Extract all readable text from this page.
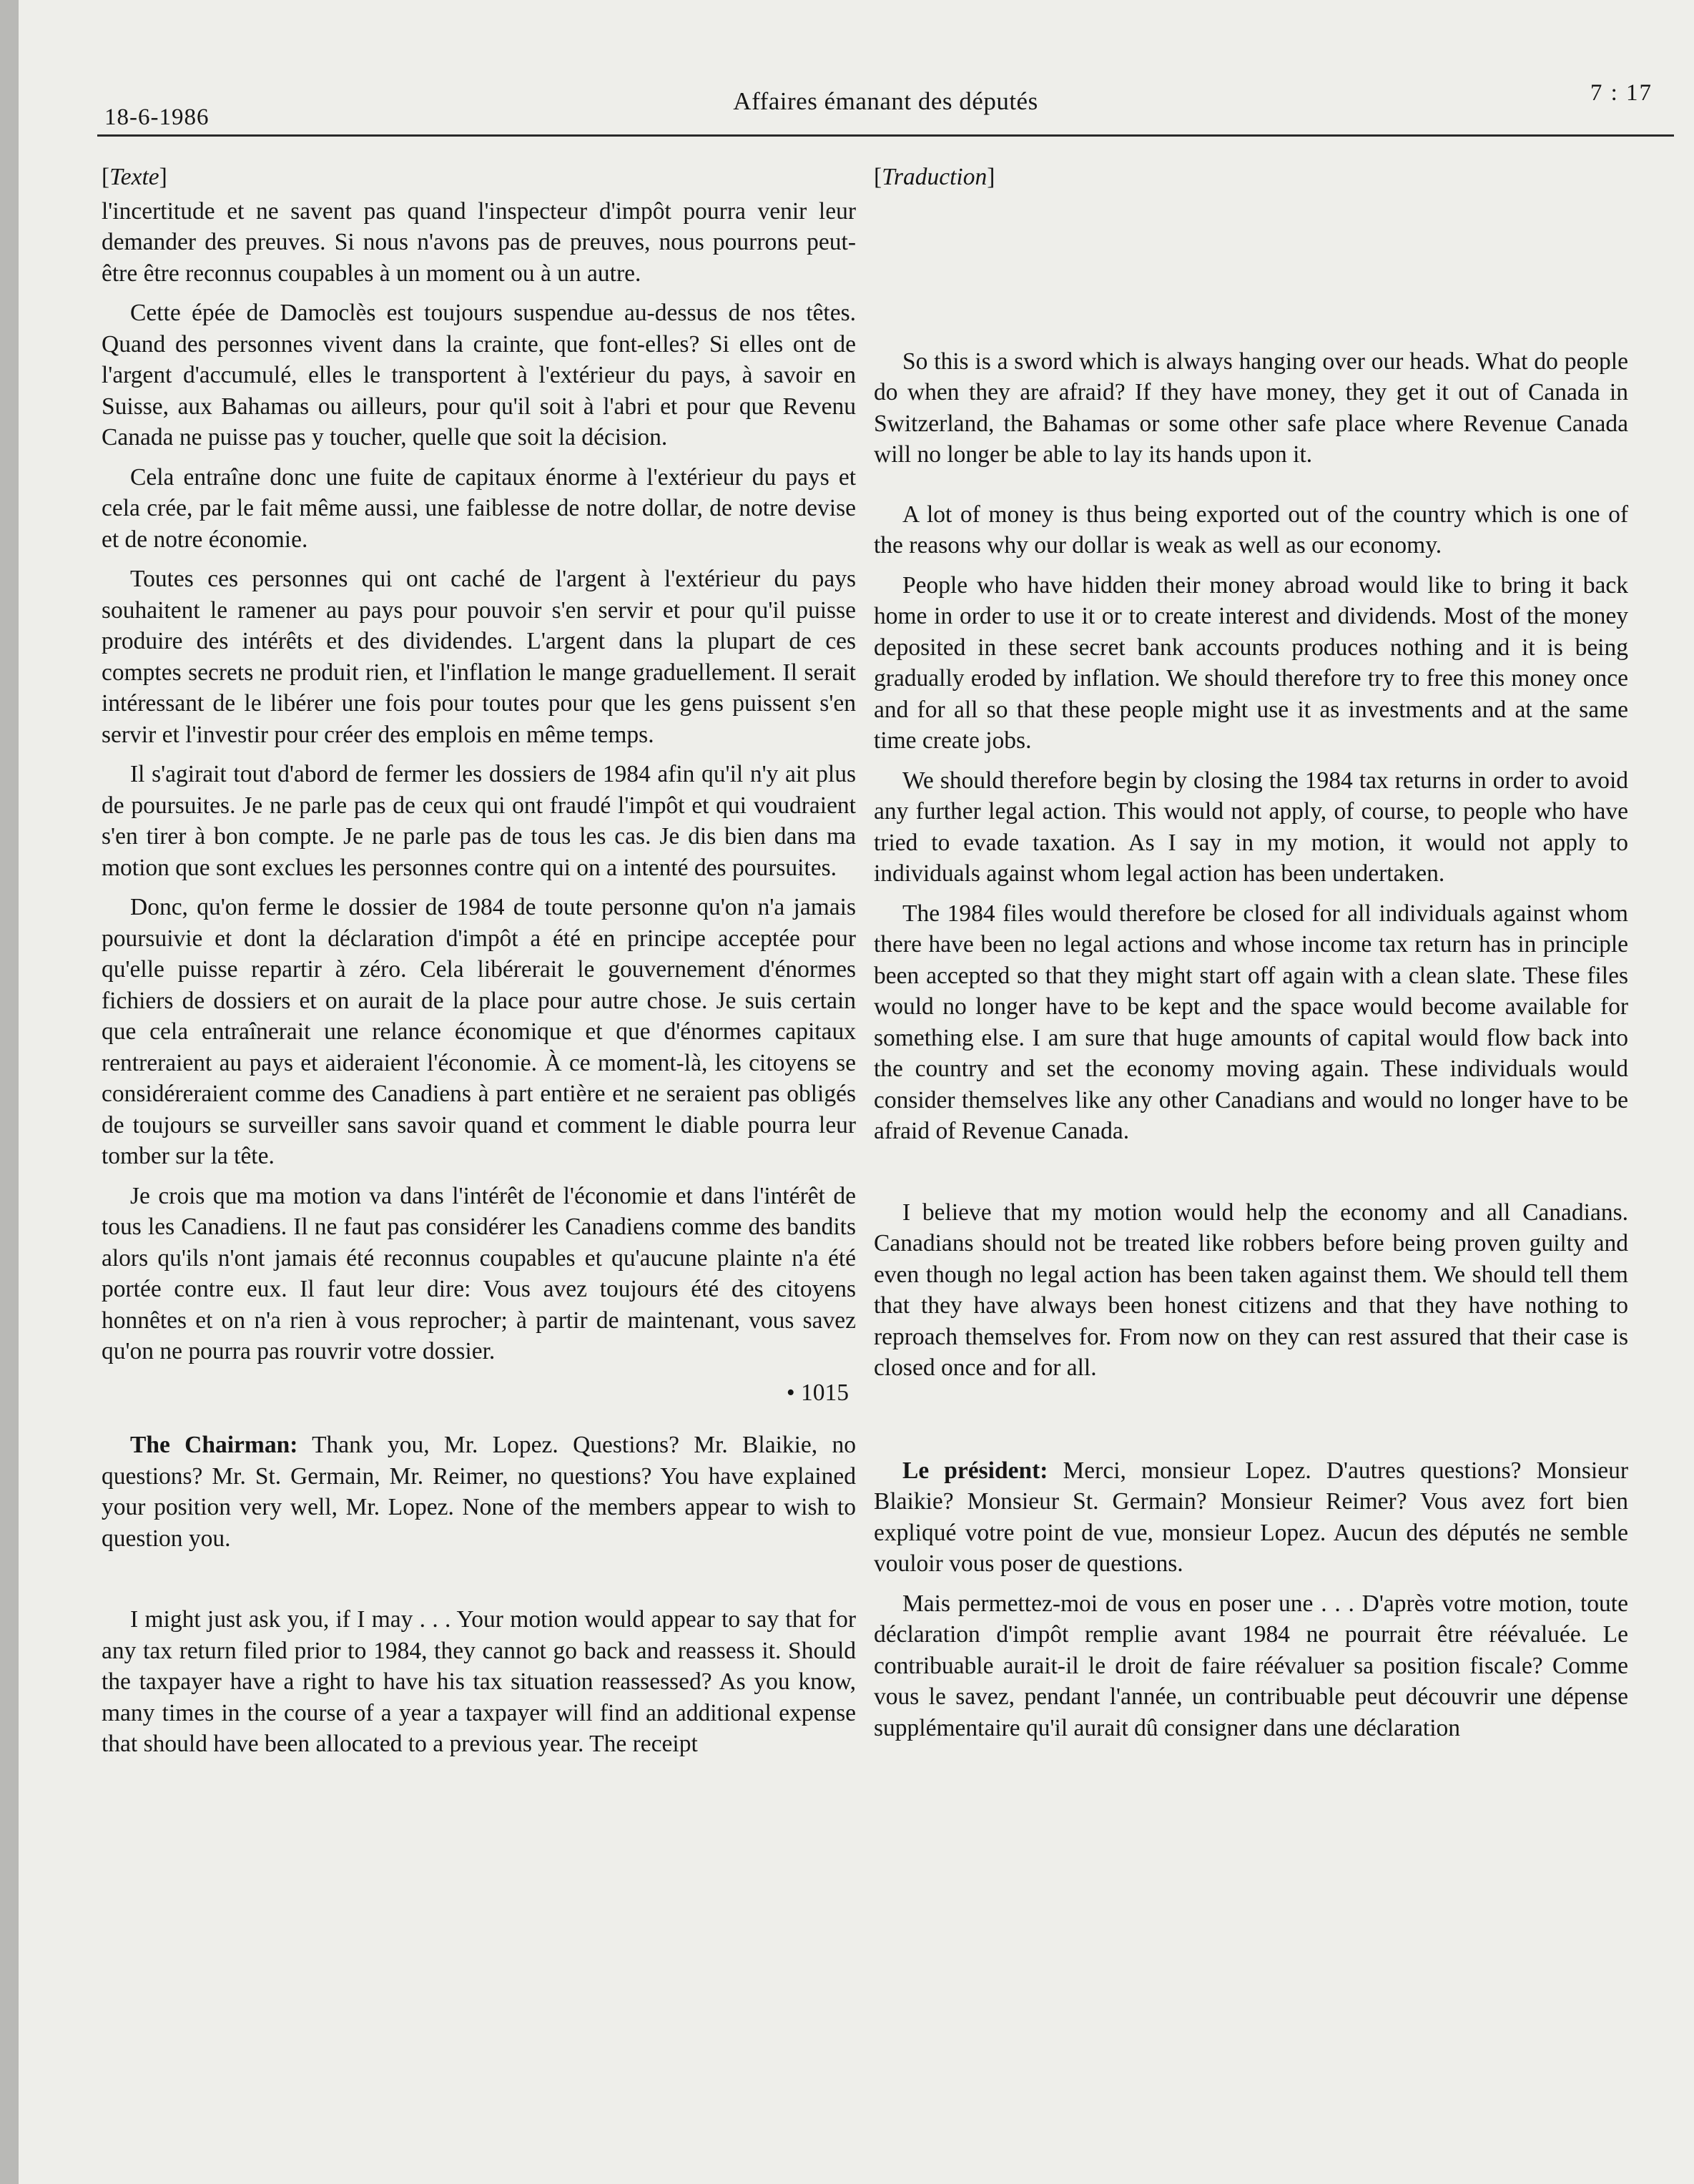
18-6-1986
Affaires émanant des députés	7 : 17
[Texte]

l'incertitude et ne savent pas quand l'inspecteur d'impôt pourra venir leur demander des preuves. Si nous n'avons pas de preuves, nous pourrons peut-être être reconnus coupables à un moment ou à un autre.

Cette épée de Damoclès est toujours suspendue au-dessus de nos têtes. Quand des personnes vivent dans la crainte, que font-elles? Si elles ont de l'argent d'accumulé, elles le transportent à l'extérieur du pays, à savoir en Suisse, aux Bahamas ou ailleurs, pour qu'il soit à l'abri et pour que Revenu Canada ne puisse pas y toucher, quelle que soit la décision.

Cela entraîne donc une fuite de capitaux énorme à l'extérieur du pays et cela crée, par le fait même aussi, une faiblesse de notre dollar, de notre devise et de notre économie.

Toutes ces personnes qui ont caché de l'argent à l'extérieur du pays souhaitent le ramener au pays pour pouvoir s'en servir et pour qu'il puisse produire des intérêts et des dividendes. L'argent dans la plupart de ces comptes secrets ne produit rien, et l'inflation le mange graduellement. Il serait intéressant de le libérer une fois pour toutes pour que les gens puissent s'en servir et l'investir pour créer des emplois en même temps.

Il s'agirait tout d'abord de fermer les dossiers de 1984 afin qu'il n'y ait plus de poursuites. Je ne parle pas de ceux qui ont fraudé l'impôt et qui voudraient s'en tirer à bon compte. Je ne parle pas de tous les cas. Je dis bien dans ma motion que sont exclues les personnes contre qui on a intenté des poursuites.

Donc, qu'on ferme le dossier de 1984 de toute personne qu'on n'a jamais poursuivie et dont la déclaration d'impôt a été en principe acceptée pour qu'elle puisse repartir à zéro. Cela libérerait le gouvernement d'énormes fichiers de dossiers et on aurait de la place pour autre chose. Je suis certain que cela entraînerait une relance économique et que d'énormes capitaux rentreraient au pays et aideraient l'économie. À ce moment-là, les citoyens se considéreraient comme des Canadiens à part entière et ne seraient pas obligés de toujours se surveiller sans savoir quand et comment le diable pourra leur tomber sur la tête.

Je crois que ma motion va dans l'intérêt de l'économie et dans l'intérêt de tous les Canadiens. Il ne faut pas considérer les Canadiens comme des bandits alors qu'ils n'ont jamais été reconnus coupables et qu'aucune plainte n'a été portée contre eux. Il faut leur dire: Vous avez toujours été des citoyens honnêtes et on n'a rien à vous reprocher; à partir de maintenant, vous savez qu'on ne pourra pas rouvrir votre dossier.

• 1015

The Chairman: Thank you, Mr. Lopez. Questions? Mr. Blaikie, no questions? Mr. St. Germain, Mr. Reimer, no questions? You have explained your position very well, Mr. Lopez. None of the members appear to wish to question you.

I might just ask you, if I may . . . Your motion would appear to say that for any tax return filed prior to 1984, they cannot go back and reassess it. Should the taxpayer have a right to have his tax situation reassessed? As you know, many times in the course of a year a taxpayer will find an additional expense that should have been allocated to a previous year. The receipt

[Traduction]

So this is a sword which is always hanging over our heads. What do people do when they are afraid? If they have money, they get it out of Canada in Switzerland, the Bahamas or some other safe place where Revenue Canada will no longer be able to lay its hands upon it.

A lot of money is thus being exported out of the country which is one of the reasons why our dollar is weak as well as our economy.

People who have hidden their money abroad would like to bring it back home in order to use it or to create interest and dividends. Most of the money deposited in these secret bank accounts produces nothing and it is being gradually eroded by inflation. We should therefore try to free this money once and for all so that these people might use it as investments and at the same time create jobs.

We should therefore begin by closing the 1984 tax returns in order to avoid any further legal action. This would not apply, of course, to people who have tried to evade taxation. As I say in my motion, it would not apply to individuals against whom legal action has been undertaken.

The 1984 files would therefore be closed for all individuals against whom there have been no legal actions and whose income tax return has in principle been accepted so that they might start off again with a clean slate. These files would no longer have to be kept and the space would become available for something else. I am sure that huge amounts of capital would flow back into the country and set the economy moving again. These individuals would consider themselves like any other Canadians and would no longer have to be afraid of Revenue Canada.

I believe that my motion would help the economy and all Canadians. Canadians should not be treated like robbers before being proven guilty and even though no legal action has been taken against them. We should tell them that they have always been honest citizens and that they have nothing to reproach themselves for. From now on they can rest assured that their case is closed once and for all.

Le président: Merci, monsieur Lopez. D'autres questions? Monsieur Blaikie? Monsieur St. Germain? Monsieur Reimer? Vous avez fort bien expliqué votre point de vue, monsieur Lopez. Aucun des députés ne semble vouloir vous poser de questions.

Mais permettez-moi de vous en poser une . . . D'après votre motion, toute déclaration d'impôt remplie avant 1984 ne pourrait être réévaluée. Le contribuable aurait-il le droit de faire réévaluer sa position fiscale? Comme vous le savez, pendant l'année, un contribuable peut découvrir une dépense supplémentaire qu'il aurait dû consigner dans une déclaration
